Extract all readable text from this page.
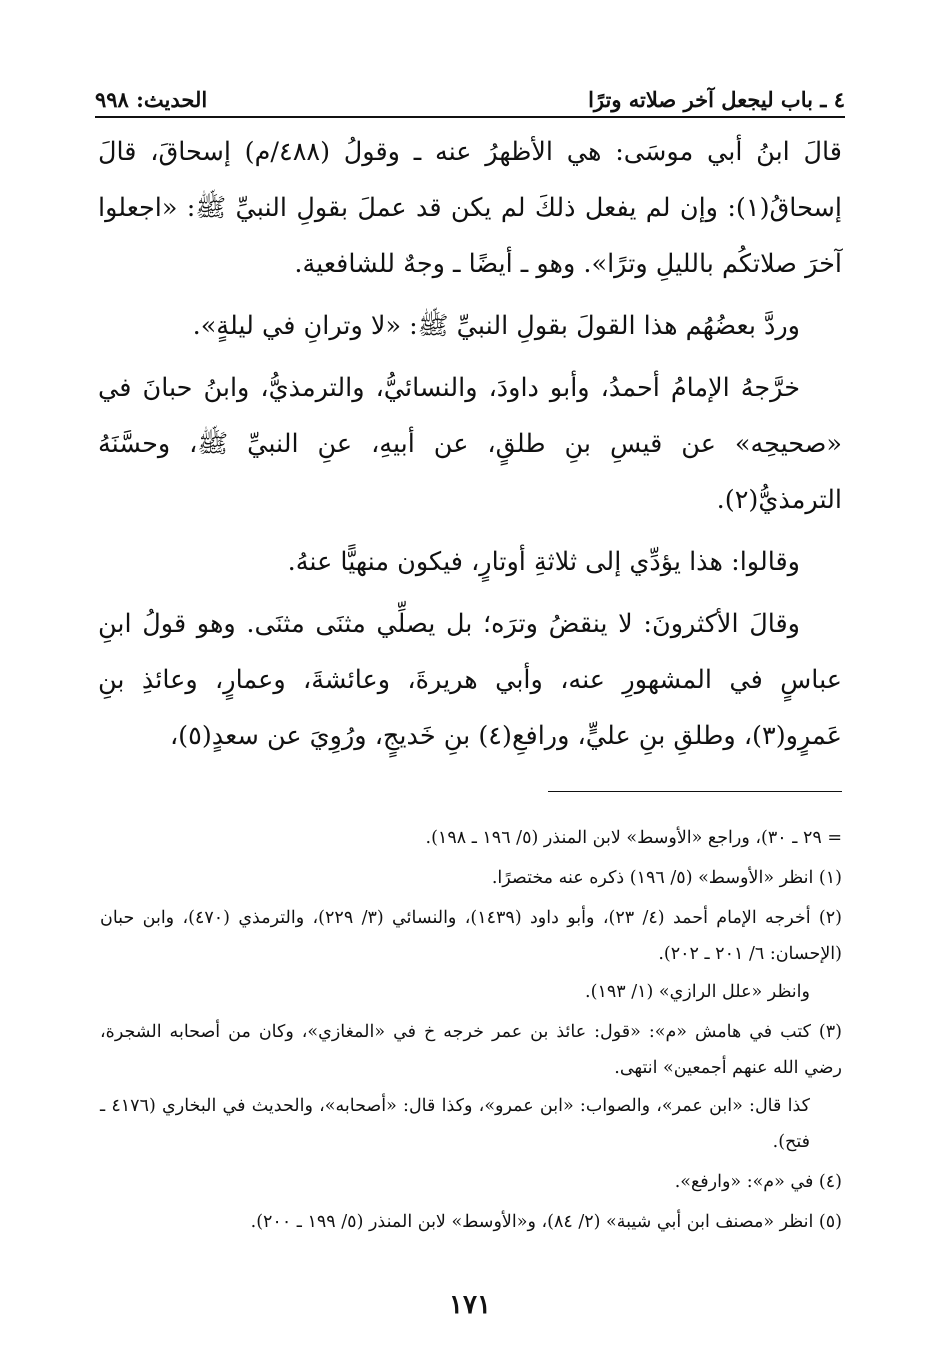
٤ ـ باب ليجعل آخر صلاته وترًا
الحديث: ٩٩٨

قالَ ابنُ أبي موسَى: هي الأظهرُ عنه ـ وقولُ (٤٨٨/م) إسحاقَ، قالَ إسحاقُ(١): وإن لم يفعل ذلكَ لم يكن قد عملَ بقولِ النبيِّ ﷺ: «اجعلوا آخرَ صلاتكُم بالليلِ وترًا». وهو ـ أيضًا ـ وجهٌ للشافعية.

وردَّ بعضُهُم هذا القولَ بقولِ النبيِّ ﷺ: «لا وترانِ في ليلةٍ».

خرَّجهُ الإمامُ أحمدُ، وأبو داودَ، والنسائيُّ، والترمذيُّ، وابنُ حبانَ في «صحيحِه» عن قيسِ بنِ طلقٍ، عن أبيهِ، عنِ النبيِّ ﷺ، وحسَّنَهُ الترمذيُّ(٢).

وقالوا: هذا يؤدِّي إلى ثلاثةِ أوتارٍ، فيكون منهيًّا عنهُ.

وقالَ الأكثرونَ: لا ينقضُ وترَه؛ بل يصلِّي مثنَى مثنَى. وهو قولُ ابنِ عباسٍ في المشهورِ عنه، وأبي هريرةَ، وعائشةَ، وعمارٍ، وعائذِ بنِ عَمرٍو(٣)، وطلقِ بنِ عليٍّ، ورافعِ(٤) بنِ خَديجٍ، ورُوِيَ عن سعدٍ(٥)،

= ٢٩ ـ ٣٠)، وراجع «الأوسط» لابن المنذر (٥/ ١٩٦ ـ ١٩٨).

(١) انظر «الأوسط» (٥/ ١٩٦) ذكره عنه مختصرًا.

(٢) أخرجه الإمام أحمد (٤/ ٢٣)، وأبو داود (١٤٣٩)، والنسائي (٣/ ٢٢٩)، والترمذي (٤٧٠)، وابن حبان (الإحسان: ٦/ ٢٠١ ـ ٢٠٢).

وانظر «علل الرازي» (١/ ١٩٣).

(٣) كتب في هامش «م»: «قول: عائذ بن عمر خرجه خ في «المغازي»، وكان من أصحابه الشجرة، رضي الله عنهم أجمعين» انتهى.

كذا قال: «ابن عمر»، والصواب: «ابن عمرو»، وكذا قال: «أصحابه»، والحديث في البخاري (٤١٧٦ ـ فتح).

(٤) في «م»: «وارفع».

(٥) انظر «مصنف ابن أبي شيبة» (٢/ ٨٤)، و«الأوسط» لابن المنذر (٥/ ١٩٩ ـ ٢٠٠).

١٧١
